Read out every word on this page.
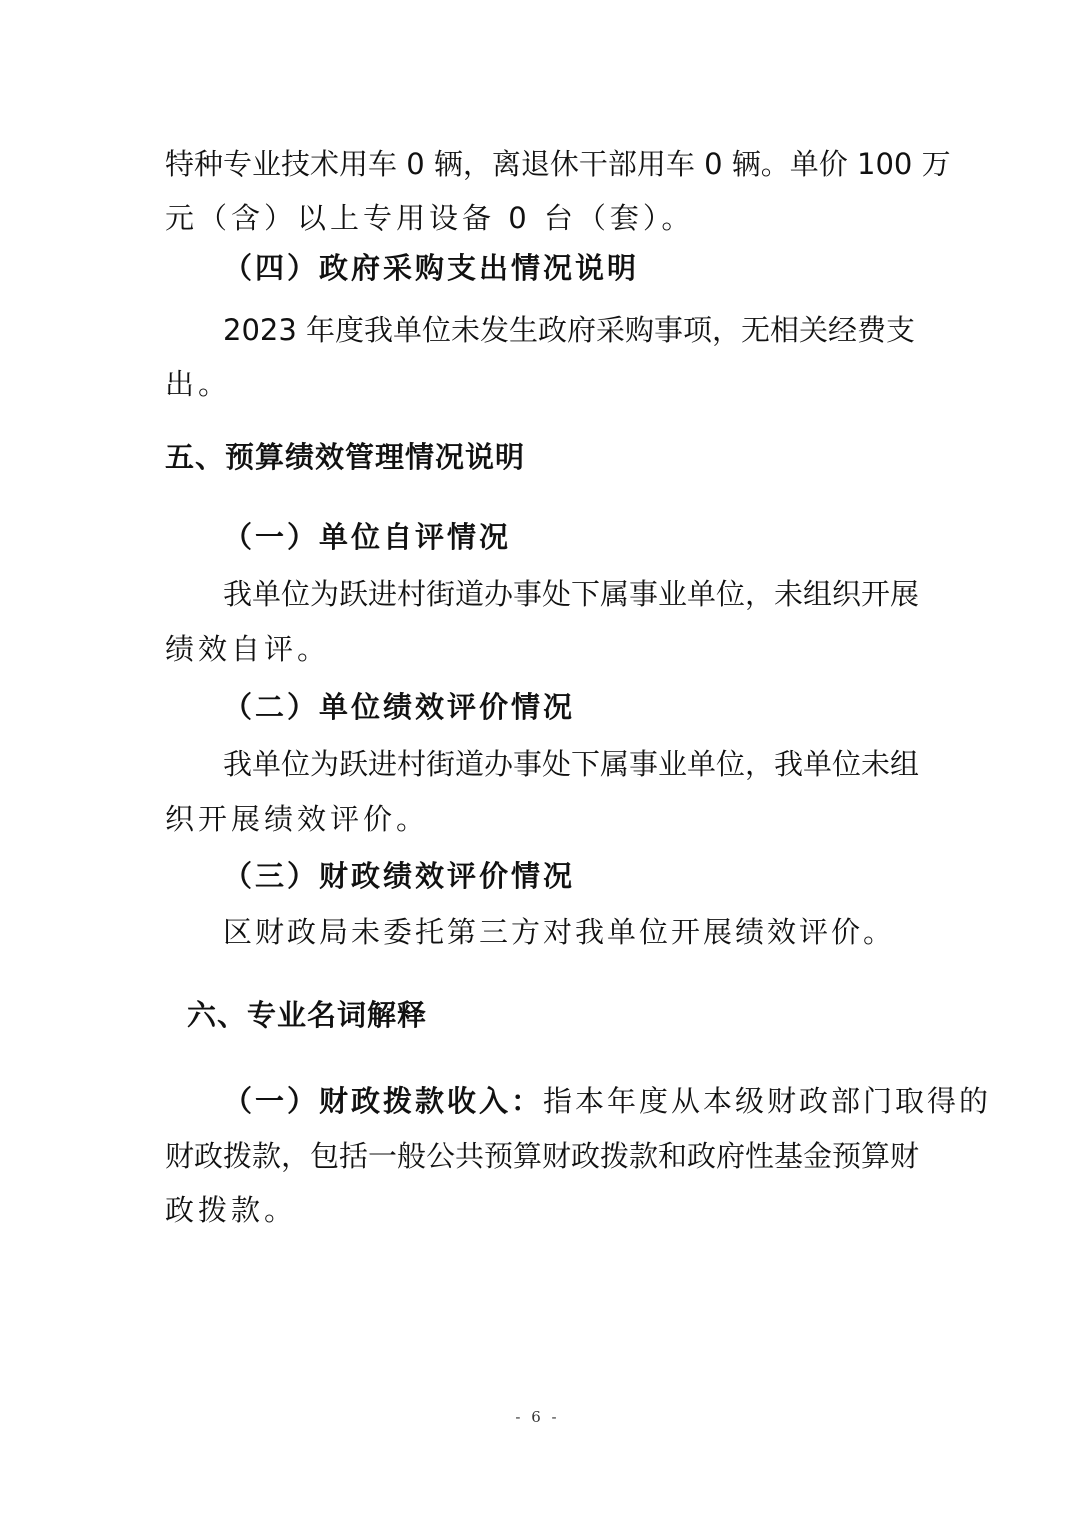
特种专业技术用车 0 辆，离退休干部用车 0 辆。单价 100 万
元（含）以上专用设备 0 台（套）。
（四）政府采购支出情况说明
2023 年度我单位未发生政府采购事项，无相关经费支
出。
五、预算绩效管理情况说明
（一）单位自评情况
我单位为跃进村街道办事处下属事业单位，未组织开展
绩效自评。
（二）单位绩效评价情况
我单位为跃进村街道办事处下属事业单位，我单位未组
织开展绩效评价。
（三）财政绩效评价情况
区财政局未委托第三方对我单位开展绩效评价。
六、专业名词解释
（一）财政拨款收入：指本年度从本级财政部门取得的
财政拨款，包括一般公共预算财政拨款和政府性基金预算财
政拨款。
- 6 -
